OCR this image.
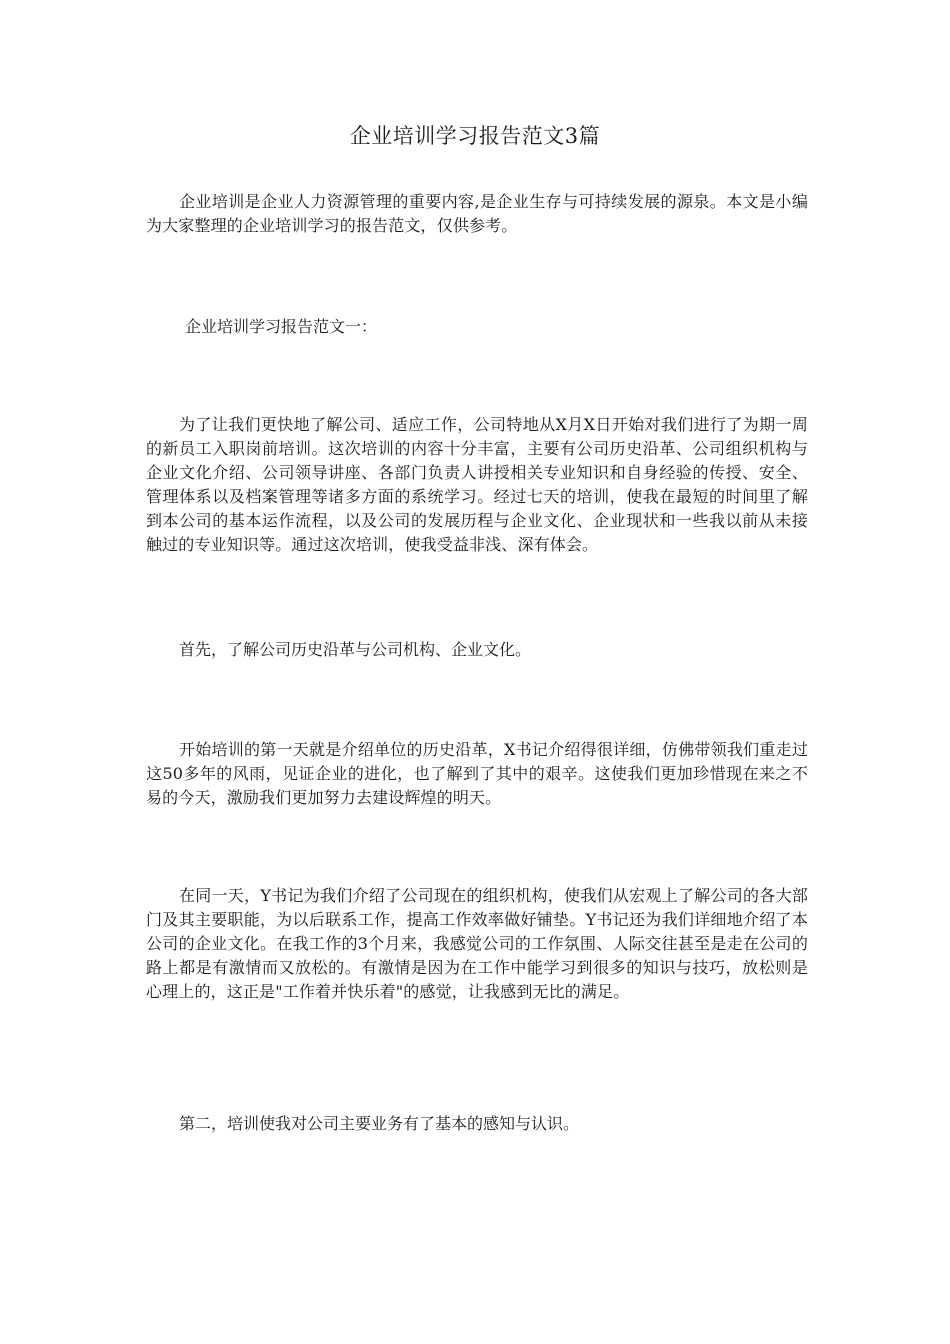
企业培训学习报告范文3篇
企业培训是企业人力资源管理的重要内容,是企业生存与可持续发展的源泉。本文是小编为大家整理的企业培训学习的报告范文，仅供参考。
企业培训学习报告范文一：
为了让我们更快地了解公司、适应工作，公司特地从X月X日开始对我们进行了为期一周的新员工入职岗前培训。这次培训的内容十分丰富，主要有公司历史沿革、公司组织机构与企业文化介绍、公司领导讲座、各部门负责人讲授相关专业知识和自身经验的传授、安全、管理体系以及档案管理等诸多方面的系统学习。经过七天的培训，使我在最短的时间里了解到本公司的基本运作流程，以及公司的发展历程与企业文化、企业现状和一些我以前从未接触过的专业知识等。通过这次培训，使我受益非浅、深有体会。
首先，了解公司历史沿革与公司机构、企业文化。
开始培训的第一天就是介绍单位的历史沿革，X书记介绍得很详细，仿佛带领我们重走过这50多年的风雨，见证企业的进化，也了解到了其中的艰辛。这使我们更加珍惜现在来之不易的今天，激励我们更加努力去建设辉煌的明天。
在同一天，Y书记为我们介绍了公司现在的组织机构，使我们从宏观上了解公司的各大部门及其主要职能，为以后联系工作，提高工作效率做好铺垫。Y书记还为我们详细地介绍了本公司的企业文化。在我工作的3个月来，我感觉公司的工作氛围、人际交往甚至是走在公司的路上都是有激情而又放松的。有激情是因为在工作中能学习到很多的知识与技巧，放松则是心理上的，这正是"工作着并快乐着"的感觉，让我感到无比的满足。
第二，培训使我对公司主要业务有了基本的感知与认识。
